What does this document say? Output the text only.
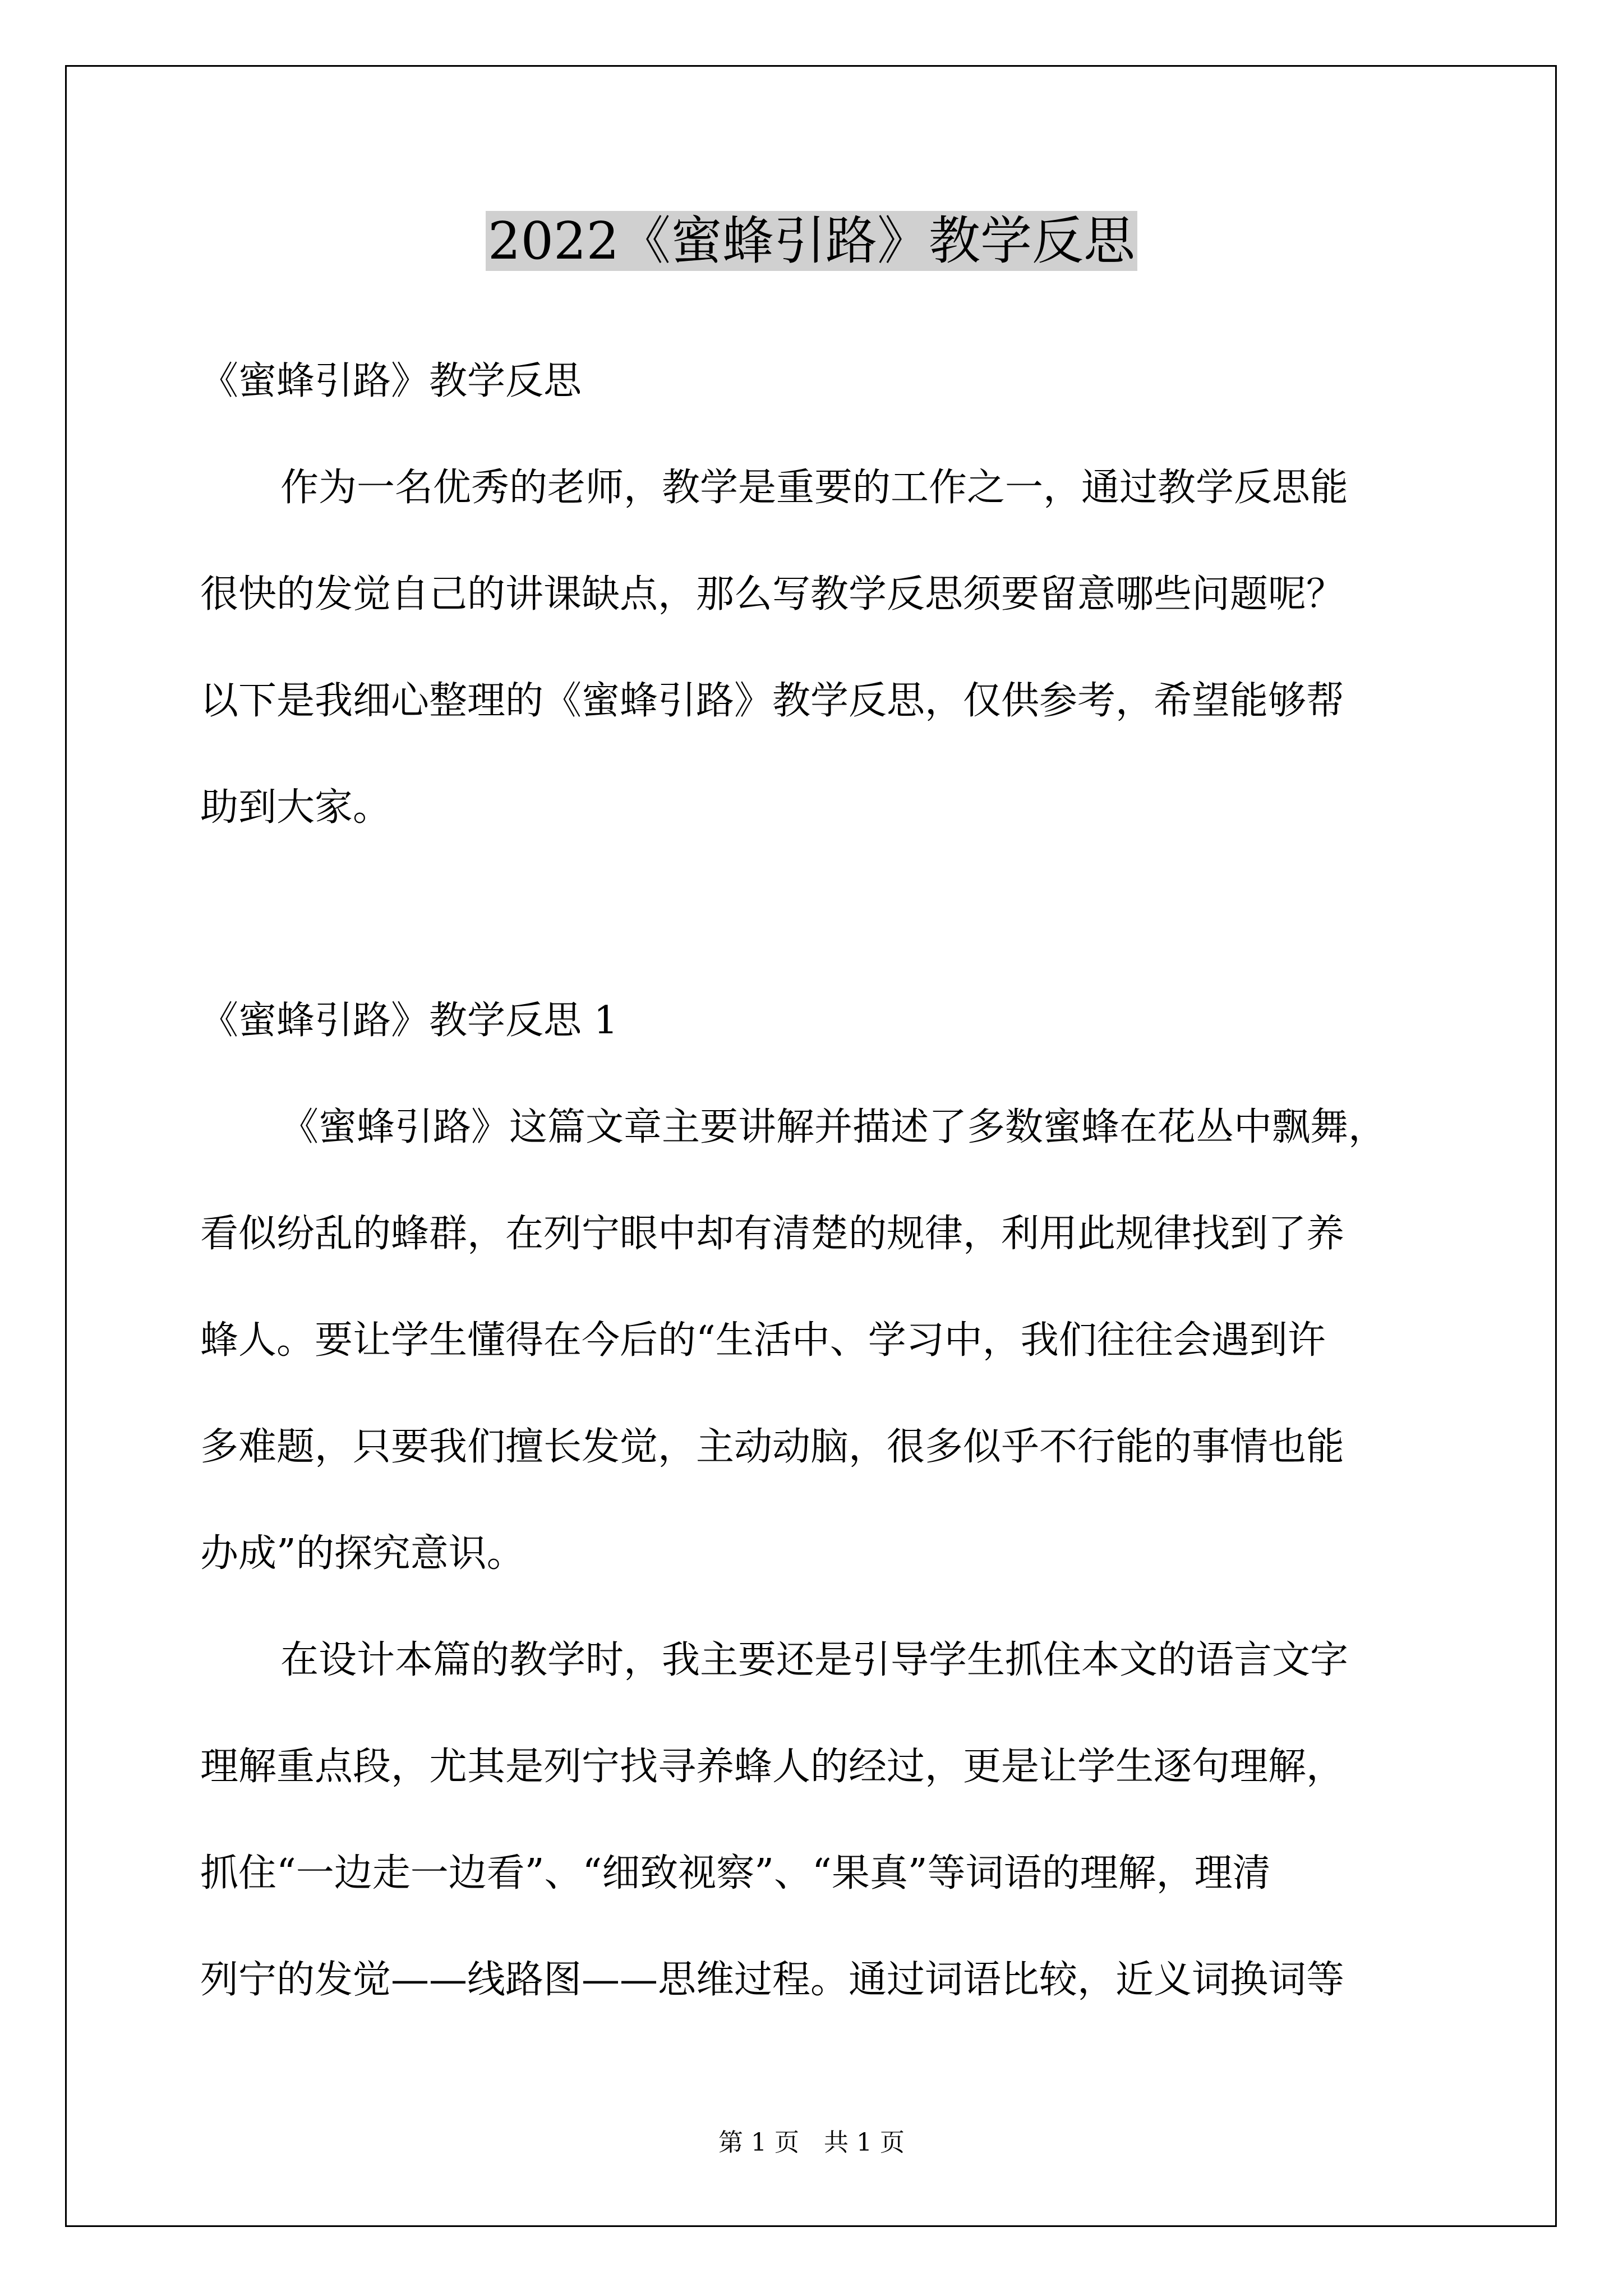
2022《蜜蜂引路》教学反思
《蜜蜂引路》教学反思
作为一名优秀的老师，教学是重要的工作之一，通过教学反思能
很快的发觉自己的讲课缺点，那么写教学反思须要留意哪些问题呢？
以下是我细心整理的《蜜蜂引路》教学反思，仅供参考，希望能够帮
助到大家。
《蜜蜂引路》教学反思 1
《蜜蜂引路》这篇文章主要讲解并描述了多数蜜蜂在花丛中飘舞，
看似纷乱的蜂群，在列宁眼中却有清楚的规律，利用此规律找到了养
蜂人。要让学生懂得在今后的“生活中、学习中，我们往往会遇到许
多难题，只要我们擅长发觉，主动动脑，很多似乎不行能的事情也能
办成”的探究意识。
在设计本篇的教学时，我主要还是引导学生抓住本文的语言文字
理解重点段，尤其是列宁找寻养蜂人的经过，更是让学生逐句理解，
抓住“一边走一边看”、“细致视察”、“果真”等词语的理解，理清
列宁的发觉——线路图——思维过程。通过词语比较，近义词换词等
第 1 页　共 1 页
